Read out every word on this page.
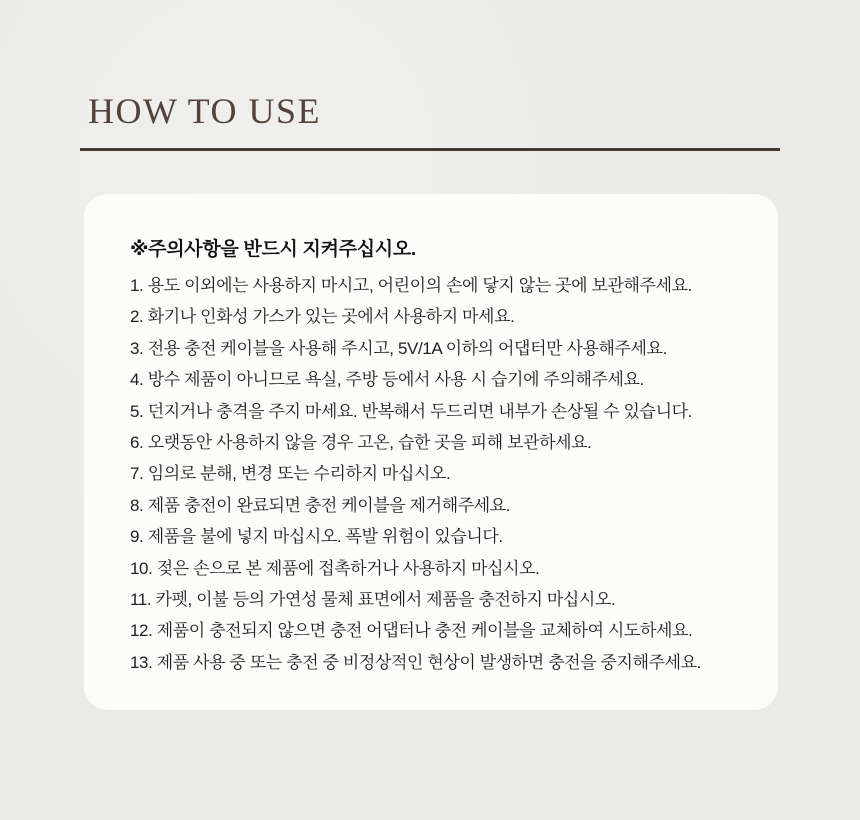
HOW TO USE

※주의사항을 반드시 지켜주십시오.

1. 용도 이외에는 사용하지 마시고, 어린이의 손에 닿지 않는 곳에 보관해주세요.
2. 화기나 인화성 가스가 있는 곳에서 사용하지 마세요.
3. 전용 충전 케이블을 사용해 주시고, 5V/1A 이하의 어댑터만 사용해주세요.
4. 방수 제품이 아니므로 욕실, 주방 등에서 사용 시 습기에 주의해주세요.
5. 던지거나 충격을 주지 마세요. 반복해서 두드리면 내부가 손상될 수 있습니다.
6. 오랫동안 사용하지 않을 경우 고온, 습한 곳을 피해 보관하세요.
7. 임의로 분해, 변경 또는 수리하지 마십시오.
8. 제품 충전이 완료되면 충전 케이블을 제거해주세요.
9. 제품을 불에 넣지 마십시오. 폭발 위험이 있습니다.
10. 젖은 손으로 본 제품에 접촉하거나 사용하지 마십시오.
11. 카펫, 이불 등의 가연성 물체 표면에서 제품을 충전하지 마십시오.
12. 제품이 충전되지 않으면 충전 어댑터나 충전 케이블을 교체하여 시도하세요.
13. 제품 사용 중 또는 충전 중 비정상적인 현상이 발생하면 충전을 중지해주세요.
